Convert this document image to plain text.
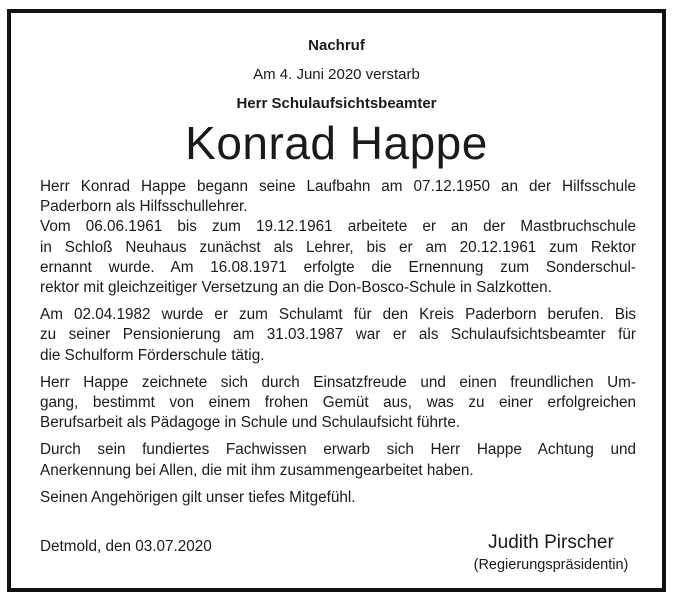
Nachruf
Am 4. Juni 2020 verstarb
Herr Schulaufsichtsbeamter
Konrad Happe
Herr Konrad Happe begann seine Laufbahn am 07.12.1950 an der Hilfsschule
Paderborn als Hilfsschullehrer.
Vom 06.06.1961 bis zum 19.12.1961 arbeitete er an der Mastbruchschule
in Schloß Neuhaus zunächst als Lehrer, bis er am 20.12.1961 zum Rektor
ernannt wurde. Am 16.08.1971 erfolgte die Ernennung zum Sonderschul-
rektor mit gleichzeitiger Versetzung an die Don-Bosco-Schule in Salzkotten.
Am 02.04.1982 wurde er zum Schulamt für den Kreis Paderborn berufen. Bis
zu seiner Pensionierung am 31.03.1987 war er als Schulaufsichtsbeamter für
die Schulform Förderschule tätig.
Herr Happe zeichnete sich durch Einsatzfreude und einen freundlichen Um-
gang, bestimmt von einem frohen Gemüt aus, was zu einer erfolgreichen
Berufsarbeit als Pädagoge in Schule und Schulaufsicht führte.
Durch sein fundiertes Fachwissen erwarb sich Herr Happe Achtung und
Anerkennung bei Allen, die mit ihm zusammengearbeitet haben.
Seinen Angehörigen gilt unser tiefes Mitgefühl.
Detmold, den 03.07.2020	Judith Pirscher
(Regierungspräsidentin)
